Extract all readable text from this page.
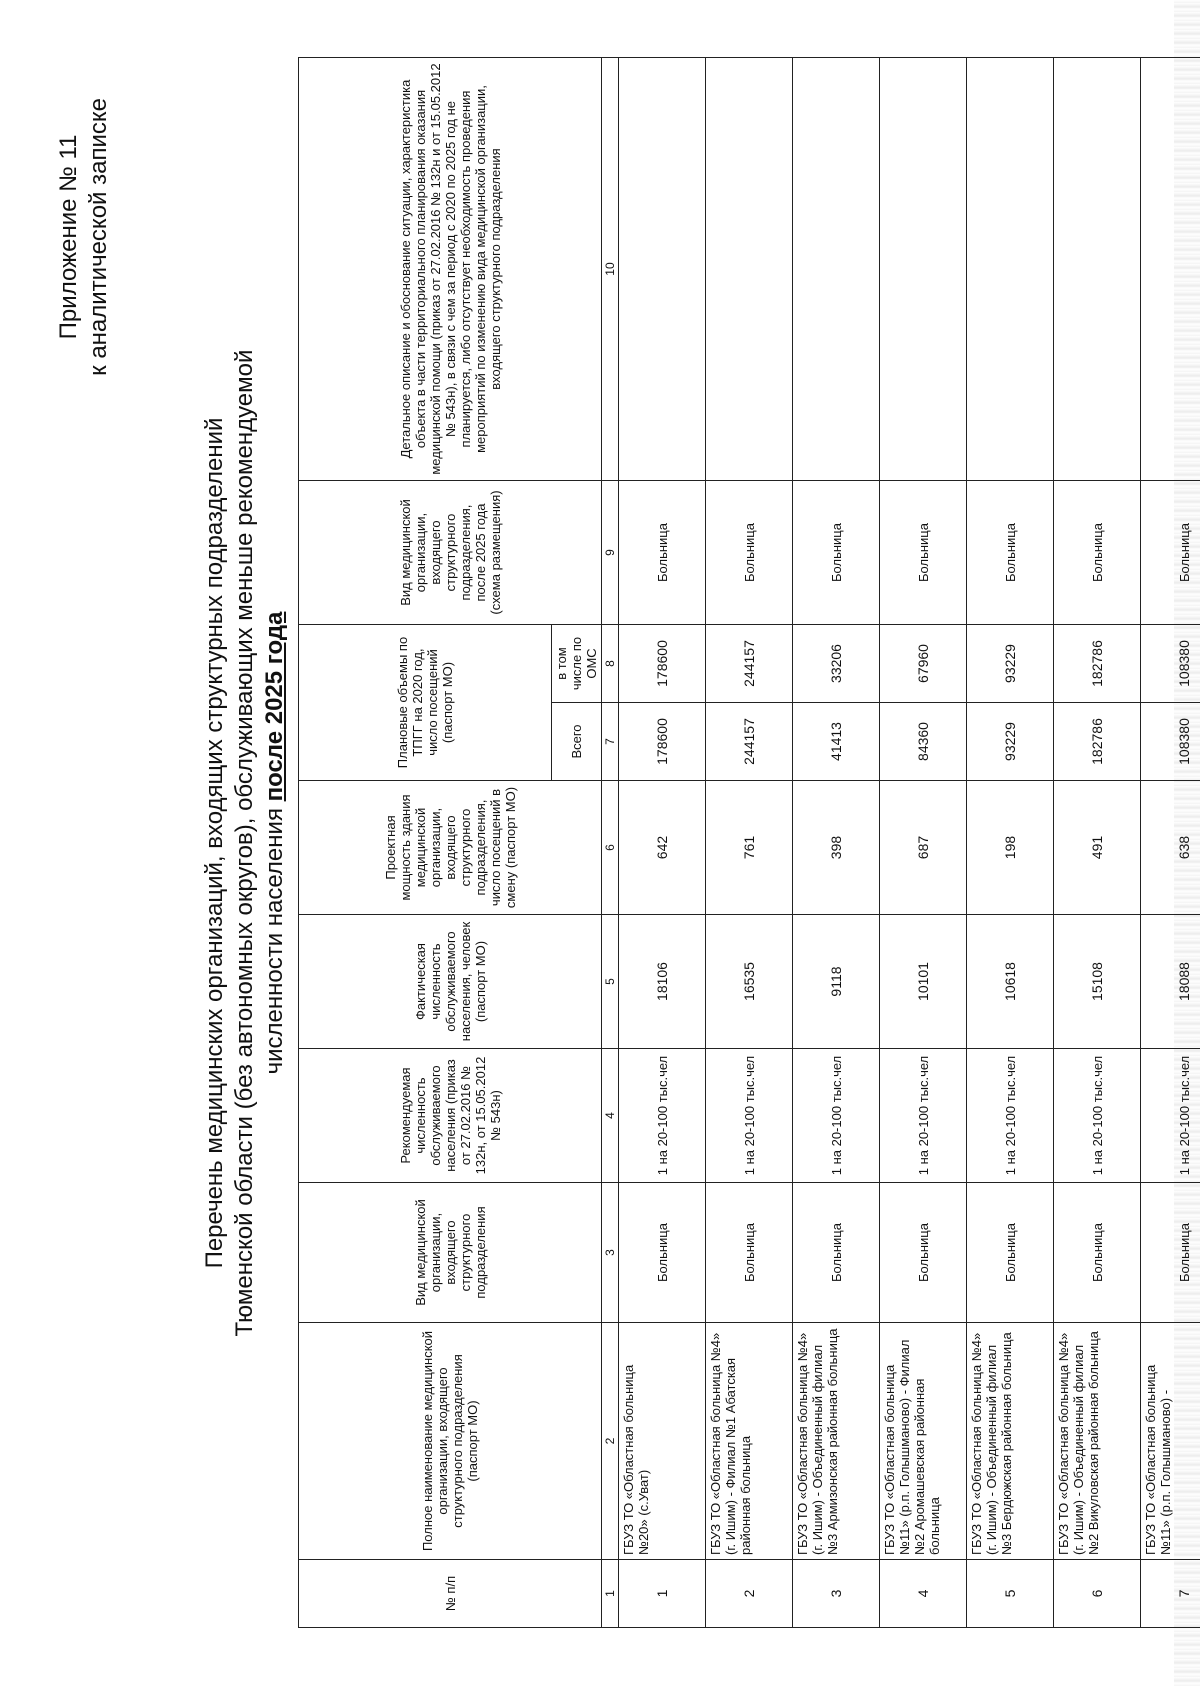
Приложение № 11 к аналитической записке
Перечень медицинских организаций, входящих структурных подразделений Тюменской области (без автономных округов), обслуживающих меньше рекомендуемой численности населения после 2025 года
№ п/п	Полное наименование медицинской организации, входящего структурного подразделения (паспорт МО)	Вид медицинской организации, входящего структурного подразделения	Рекомендуемая численность обслуживаемого населения (приказ от 27.02.2016 № 132н, от 15.05.2012 № 543н)	Фактическая численность обслуживаемого населения, человек (паспорт МО)	Проектная мощность здания медицинской организации, входящего структурного подразделения, число посещений в смену (паспорт МО)	Плановые объемы по ТПГГ на 2020 год, число посещений (паспорт МО)		Вид медицинской организации, входящего структурного подразделения, после 2025 года (схема размещения)	Детальное описание и обоснование ситуации, характеристика объекта в части территориального планирования оказания медицинской помощи (приказ от 27.02.2016 № 132н и от 15.05.2012 № 543н), в связи с чем за период с 2020 по 2025 год не планируется, либо отсутствует необходимость проведения мероприятий по изменению вида медицинской организации, входящего структурного подразделения
						Всего	в том числе по ОМС		
1	2	3	4	5	6	7	8	9	10
1	ГБУЗ ТО «Областная больница №20» (с.Уват)	Больница	1 на 20-100 тыс.чел	18106	642	178600	178600	Больница	
2	ГБУЗ ТО «Областная больница №4» (г. Ишим) - Филиал №1 Абатская районная больница	Больница	1 на 20-100 тыс.чел	16535	761	244157	244157	Больница	
3	ГБУЗ ТО «Областная больница №4» (г. Ишим) - Объединенный филиал №3 Армизонская районная больница	Больница	1 на 20-100 тыс.чел	9118	398	41413	33206	Больница	
4	ГБУЗ ТО «Областная больница №11» (р.п. Голышманово) - Филиал №2 Аромашевская районная больница	Больница	1 на 20-100 тыс.чел	10101	687	84360	67960	Больница	
5	ГБУЗ ТО «Областная больница №4» (г. Ишим) - Объединенный филиал №3 Бердюжская районная больница	Больница	1 на 20-100 тыс.чел	10618	198	93229	93229	Больница	
6	ГБУЗ ТО «Областная больница №4» (г. Ишим) - Объединенный филиал №2 Викуловская районная больница	Больница	1 на 20-100 тыс.чел	15108	491	182786	182786	Больница	
7	ГБУЗ ТО «Областная больница №11» (р.п. Голышманово) -	Больница	1 на 20-100 тыс.чел	18088	638	108380	108380	Больница	
